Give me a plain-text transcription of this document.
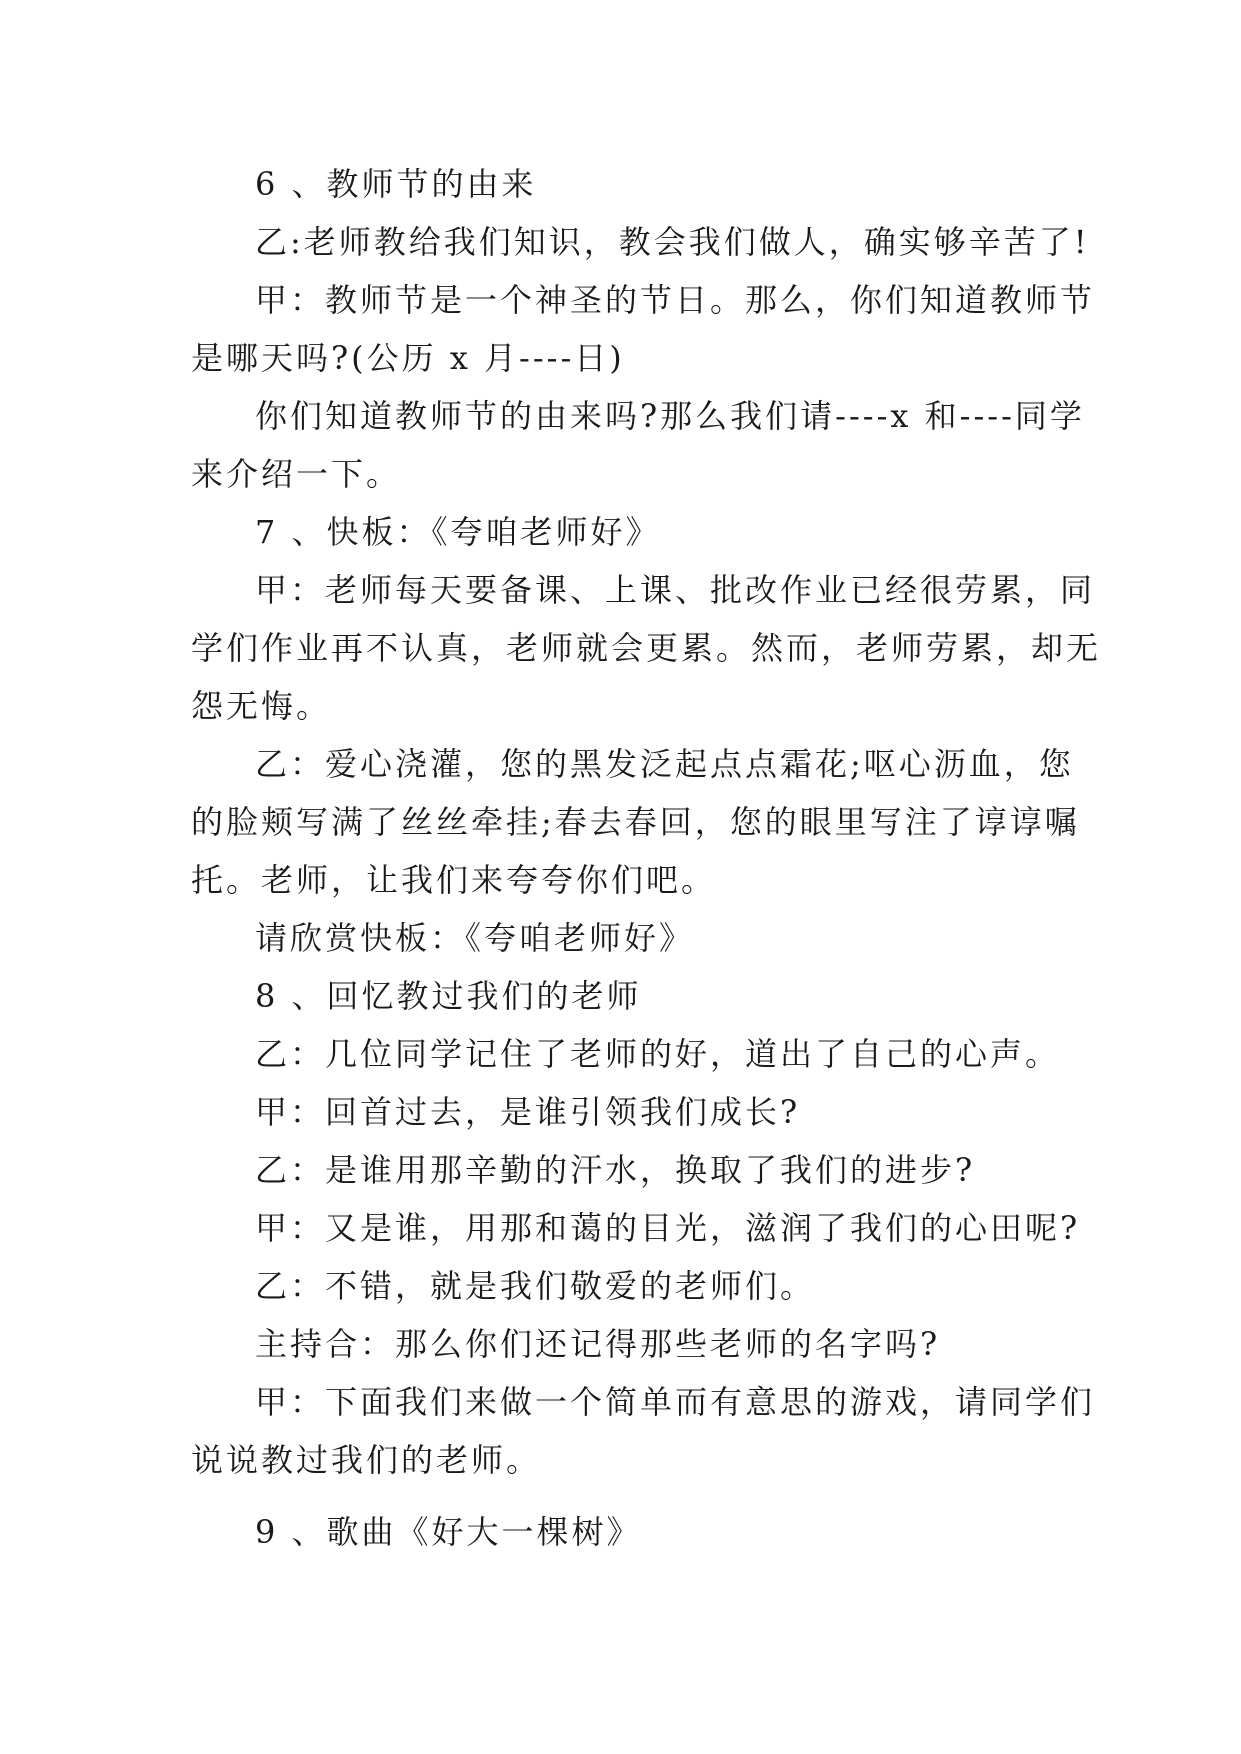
6 、教师节的由来
乙:老师教给我们知识，教会我们做人，确实够辛苦了!
甲：教师节是一个神圣的节日。那么，你们知道教师节
是哪天吗?(公历 x 月----日)
你们知道教师节的由来吗?那么我们请----x 和----同学
来介绍一下。
7 、快板：《夸咱老师好》
甲：老师每天要备课、上课、批改作业已经很劳累，同
学们作业再不认真，老师就会更累。然而，老师劳累，却无
怨无悔。
乙：爱心浇灌，您的黑发泛起点点霜花;呕心沥血，您
的脸颊写满了丝丝牵挂;春去春回，您的眼里写注了谆谆嘱
托。老师，让我们来夸夸你们吧。
请欣赏快板：《夸咱老师好》
8 、回忆教过我们的老师
乙：几位同学记住了老师的好，道出了自己的心声。
甲：回首过去，是谁引领我们成长?
乙：是谁用那辛勤的汗水，换取了我们的进步?
甲：又是谁，用那和蔼的目光，滋润了我们的心田呢?
乙：不错，就是我们敬爱的老师们。
主持合：那么你们还记得那些老师的名字吗?
甲：下面我们来做一个简单而有意思的游戏，请同学们
说说教过我们的老师。
9 、歌曲《好大一棵树》
